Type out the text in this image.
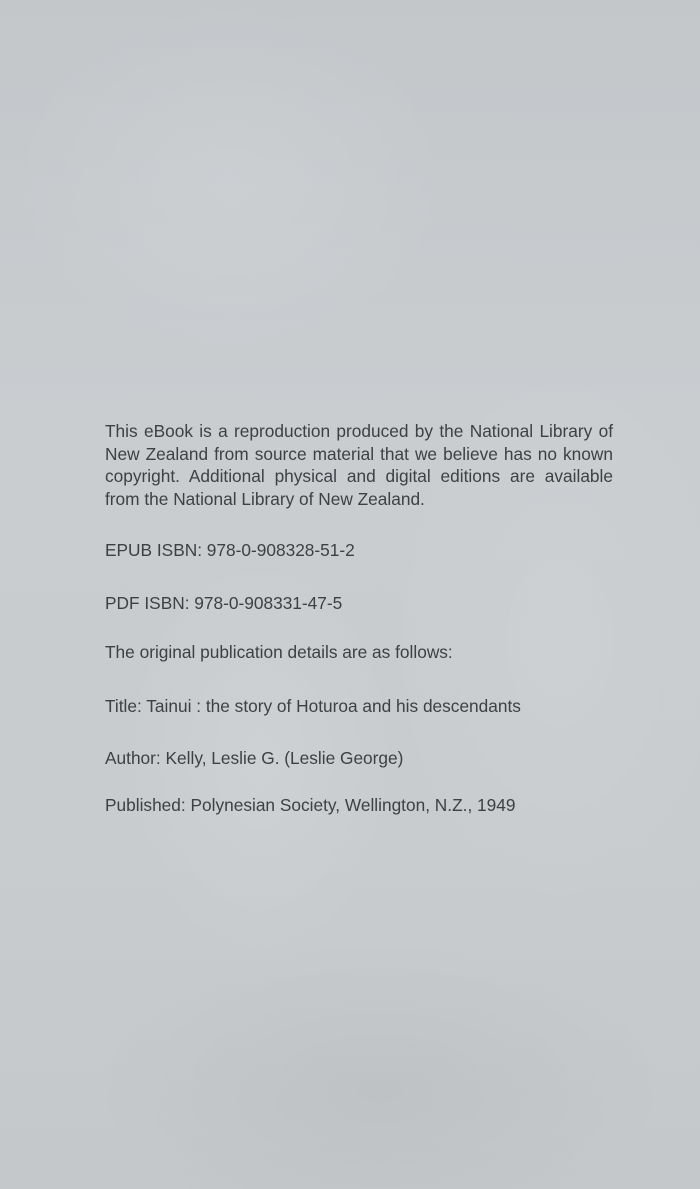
This eBook is a reproduction produced by the National Library of New Zealand from source material that we believe has no known copyright. Additional physical and digital editions are available from the National Library of New Zealand.

EPUB ISBN: 978-0-908328-51-2

PDF ISBN: 978-0-908331-47-5

The original publication details are as follows:

Title: Tainui : the story of Hoturoa and his descendants

Author: Kelly, Leslie G. (Leslie George)

Published: Polynesian Society, Wellington, N.Z., 1949
